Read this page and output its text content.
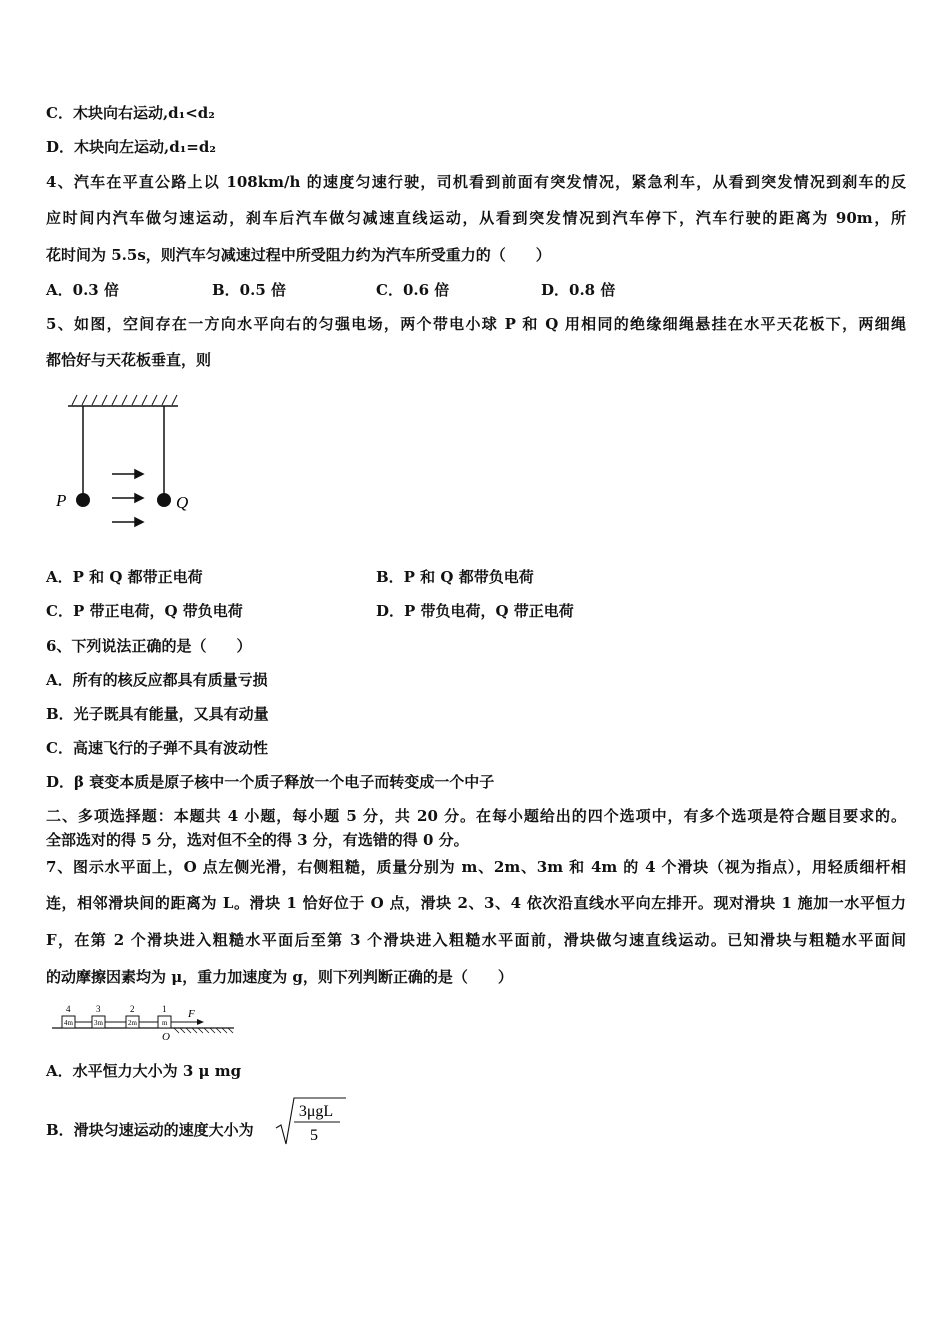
C．木块向右运动,d₁<d₂
D．木块向左运动,d₁=d₂
4、汽车在平直公路上以 108km/h 的速度匀速行驶，司机看到前面有突发情况，紧急利车，从看到突发情况到刹车的反
应时间内汽车做匀速运动，刹车后汽车做匀减速直线运动，从看到突发情况到汽车停下，汽车行驶的距离为 90m，所
花时间为 5.5s，则汽车匀减速过程中所受阻力约为汽车所受重力的（　　）
A．0.3 倍	B．0.5 倍	C．0.6 倍	D．0.8 倍
5、如图，空间存在一方向水平向右的匀强电场，两个带电小球 P 和 Q 用相同的绝缘细绳悬挂在水平天花板下，两细绳
都恰好与天花板垂直，则
P	Q
A．P 和 Q 都带正电荷	B．P 和 Q 都带负电荷
C．P 带正电荷，Q 带负电荷	D．P 带负电荷，Q 带正电荷
6、下列说法正确的是（　　）
A．所有的核反应都具有质量亏损
B．光子既具有能量，又具有动量
C．高速飞行的子弹不具有波动性
D．β 衰变本质是原子核中一个质子释放一个电子而转变成一个中子
二、多项选择题：本题共 4 小题，每小题 5 分，共 20 分。在每小题给出的四个选项中，有多个选项是符合题目要求的。
全部选对的得 5 分，选对但不全的得 3 分，有选错的得 0 分。
7、图示水平面上，O 点左侧光滑，右侧粗糙，质量分别为 m、2m、3m 和 4m 的 4 个滑块（视为指点），用轻质细杆相
连，相邻滑块间的距离为 L。滑块 1 恰好位于 O 点，滑块 2、3、4 依次沿直线水平向左排开。现对滑块 1 施加一水平恒力
F，在第 2 个滑块进入粗糙水平面后至第 3 个滑块进入粗糙水平面前，滑块做匀速直线运动。已知滑块与粗糙水平面间
的动摩擦因素均为 μ，重力加速度为 g，则下列判断正确的是（　　）
4m	3m	2m	m
4	3	2	1 F
O
A．水平恒力大小为 3 μ mg
B．滑块匀速运动的速度大小为
3μgL
5
